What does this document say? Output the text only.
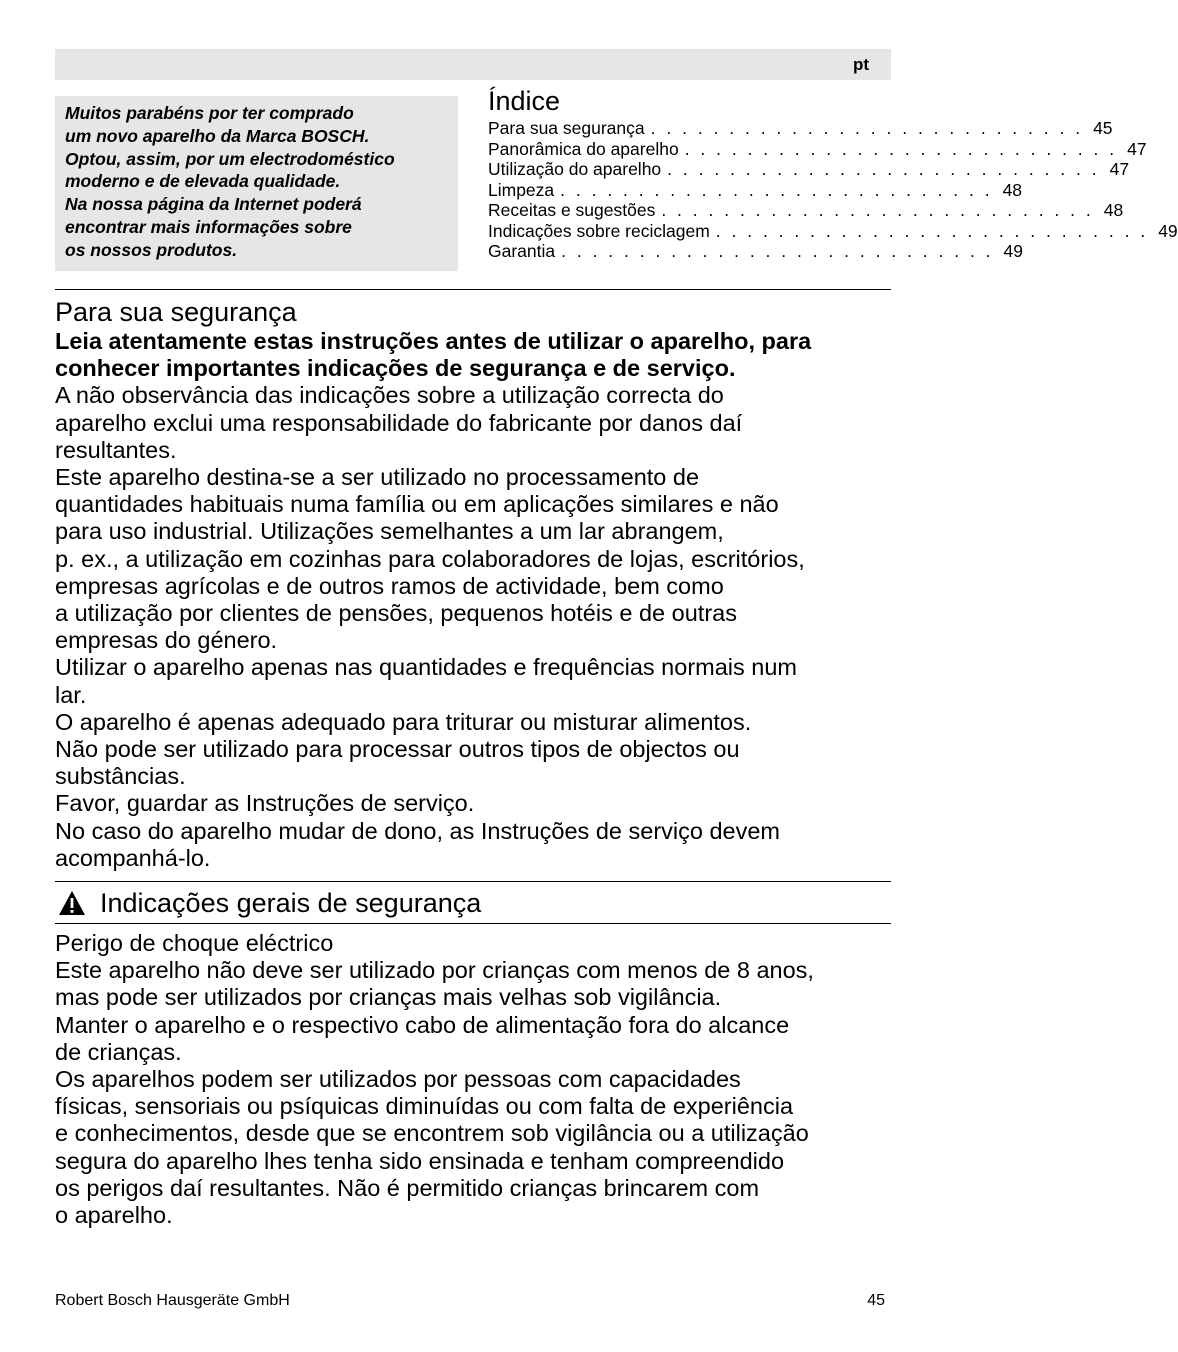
pt
Muitos parabéns por ter comprado
um novo aparelho da Marca BOSCH.
Optou, assim, por um electrodoméstico
moderno e de elevada qualidade.
Na nossa página da Internet poderá
encontrar mais informações sobre
os nossos produtos.
Índice
Para sua segurança . . . . . . . . . . . . . . . . . . . . . . . . . . . . 45
Panorâmica do aparelho . . . . . . . . . . . . . . . . . . . . . . . . . . . . 47
Utilização do aparelho . . . . . . . . . . . . . . . . . . . . . . . . . . . . 47
Limpeza . . . . . . . . . . . . . . . . . . . . . . . . . . . . 48
Receitas e sugestões . . . . . . . . . . . . . . . . . . . . . . . . . . . . 48
Indicações sobre reciclagem . . . . . . . . . . . . . . . . . . . . . . . . . . . . 49
Garantia . . . . . . . . . . . . . . . . . . . . . . . . . . . . 49
Para sua segurança
Leia atentamente estas instruções antes de utilizar o aparelho, para
conhecer importantes indicações de segurança e de serviço.
A não observância das indicações sobre a utilização correcta do
aparelho exclui uma responsabilidade do fabricante por danos daí
resultantes.
Este aparelho destina-se a ser utilizado no processamento de
quantidades habituais numa família ou em aplicações similares e não
para uso industrial. Utilizações semelhantes a um lar abrangem,
p. ex., a utilização em cozinhas para colaboradores de lojas, escritórios,
empresas agrícolas e de outros ramos de actividade, bem como
a utilização por clientes de pensões, pequenos hotéis e de outras
empresas do género.
Utilizar o aparelho apenas nas quantidades e frequências normais num
lar.
O aparelho é apenas adequado para triturar ou misturar alimentos.
Não pode ser utilizado para processar outros tipos de objectos ou
substâncias.
Favor, guardar as Instruções de serviço.
No caso do aparelho mudar de dono, as Instruções de serviço devem
acompanhá-lo.
Indicações gerais de segurança
Perigo de choque eléctrico
Este aparelho não deve ser utilizado por crianças com menos de 8 anos,
mas pode ser utilizados por crianças mais velhas sob vigilância.
Manter o aparelho e o respectivo cabo de alimentação fora do alcance
de crianças.
Os aparelhos podem ser utilizados por pessoas com capacidades
físicas, sensoriais ou psíquicas diminuídas ou com falta de experiência
e conhecimentos, desde que se encontrem sob vigilância ou a utilização
segura do aparelho lhes tenha sido ensinada e tenham compreendido
os perigos daí resultantes. Não é permitido crianças brincarem com
o aparelho.
Robert Bosch Hausgeräte GmbH	45
